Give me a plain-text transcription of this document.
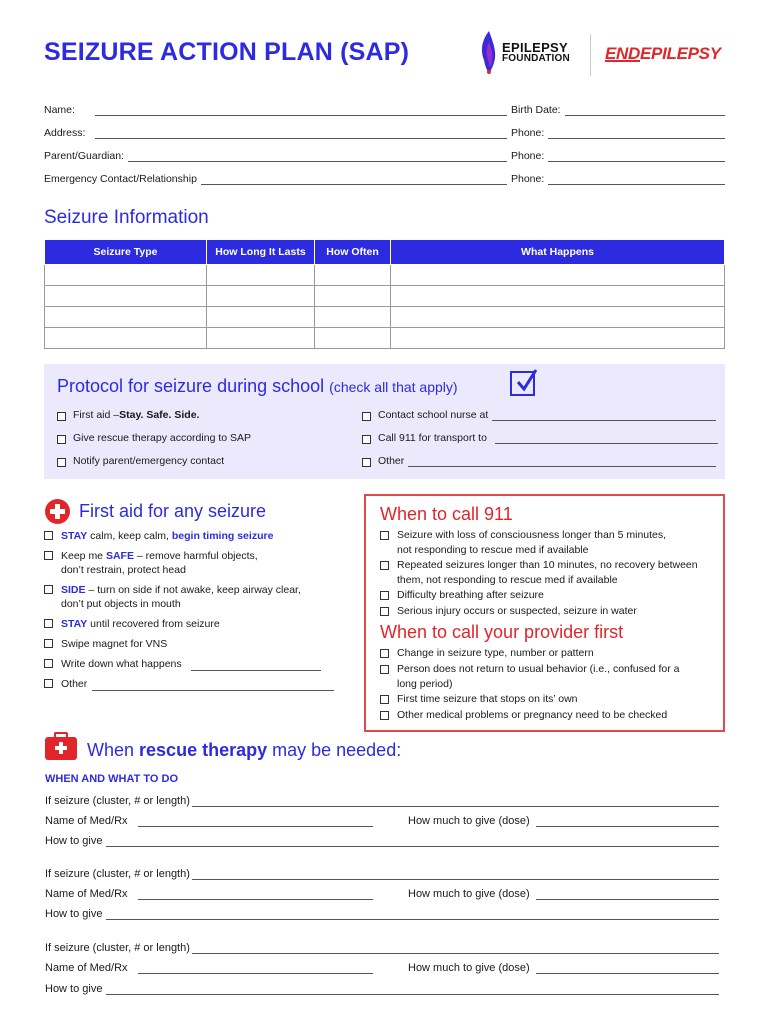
SEIZURE ACTION PLAN (SAP)	EPILEPSY
FOUNDATION ENDEPILEPSY
Name:	Birth Date:
Address:	Phone:
Parent/Guardian:	Phone:
Emergency Contact/Relationship	Phone:
Seizure Information
Seizure Type	How Long It Lasts	How Often	What Happens

Protocol for seizure during school (check all that apply)
First aid – Stay. Safe. Side.
Give rescue therapy according to SAP
Notify parent/emergency contact
Contact school nurse at
Call 911 for transport to
Other
First aid for any seizure
STAY calm, keep calm, begin timing seizure
Keep me SAFE – remove harmful objects,
don’t restrain, protect head
SIDE – turn on side if not awake, keep airway clear,
don’t put objects in mouth
STAY until recovered from seizure
Swipe magnet for VNS
Write down what happens
Other
When to call 911
Seizure with loss of consciousness longer than 5 minutes,
not responding to rescue med if available
Repeated seizures longer than 10 minutes, no recovery between
them, not responding to rescue med if available
Difficulty breathing after seizure
Serious injury occurs or suspected, seizure in water
When to call your provider first
Change in seizure type, number or pattern
Person does not return to usual behavior (i.e., confused for a
long period)
First time seizure that stops on its’ own
Other medical problems or pregnancy need to be checked
When rescue therapy may be needed:
WHEN AND WHAT TO DO
If seizure (cluster, # or length)
Name of Med/Rx	How much to give (dose)
How to give
If seizure (cluster, # or length)
Name of Med/Rx	How much to give (dose)
How to give
If seizure (cluster, # or length)
Name of Med/Rx	How much to give (dose)
How to give
